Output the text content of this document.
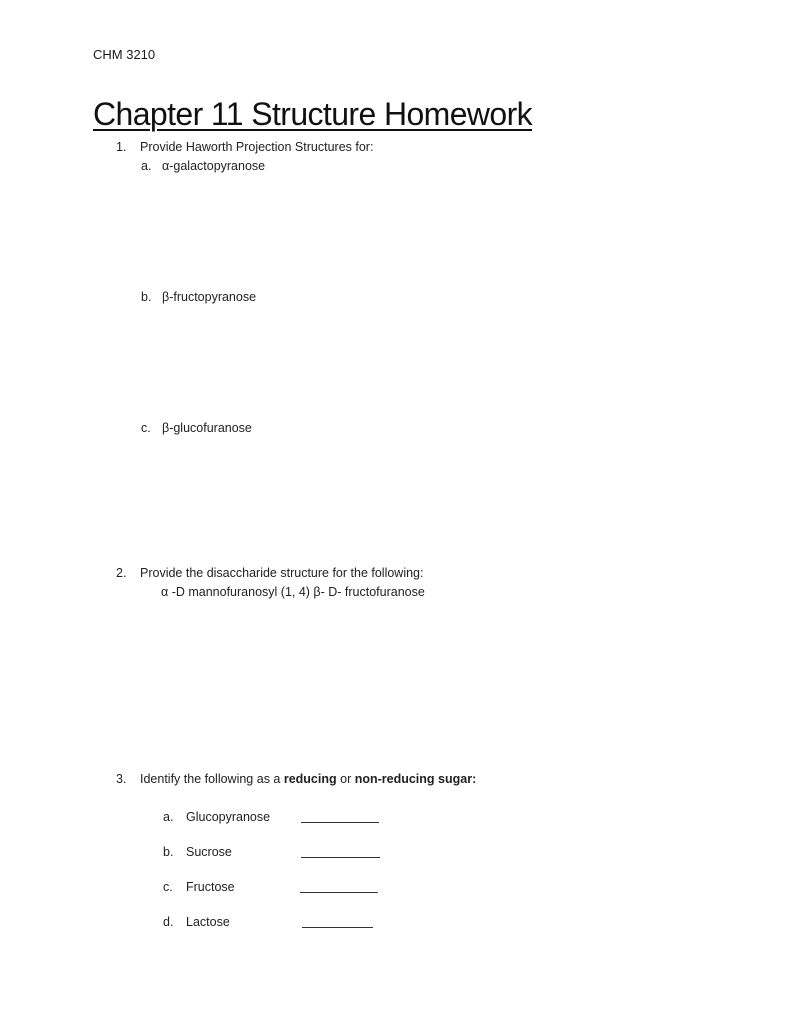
CHM 3210
Chapter 11 Structure Homework
1. Provide Haworth Projection Structures for:
a. α-galactopyranose
b. β-fructopyranose
c. β-glucofuranose
2. Provide the disaccharide structure for the following:
α -D mannofuranosyl (1, 4) β- D- fructofuranose
3. Identify the following as a reducing or non-reducing sugar:
a. Glucopyranose
b. Sucrose
c. Fructose
d. Lactose
